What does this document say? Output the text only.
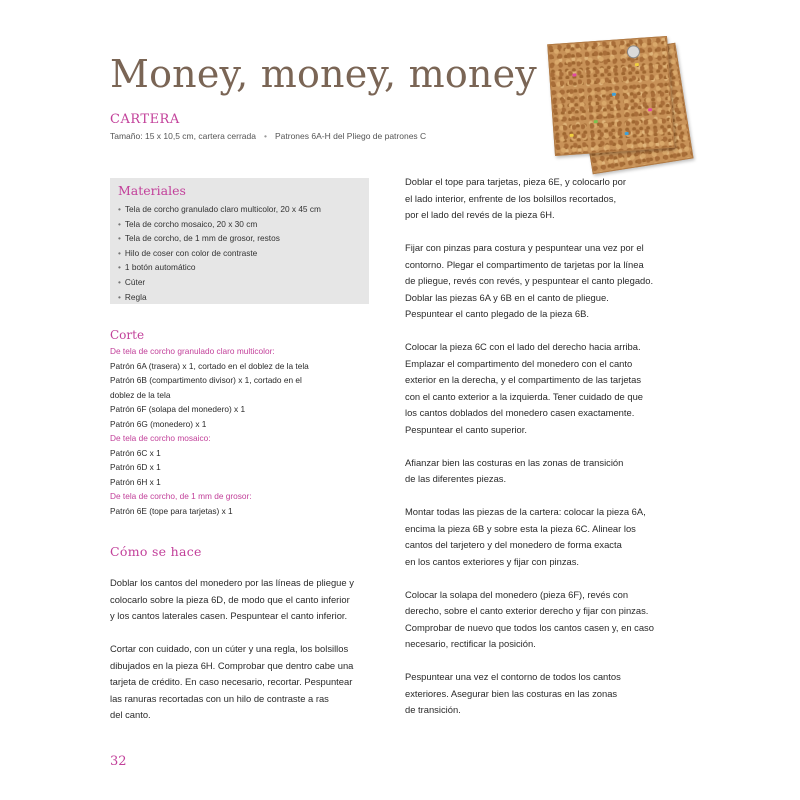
Money, money, money
CARTERA
Tamaño: 15 x 10,5 cm, cartera cerrada • Patrones 6A-H del Pliego de patrones C
Materiales
• Tela de corcho granulado claro multicolor, 20 x 45 cm
• Tela de corcho mosaico, 20 x 30 cm
• Tela de corcho, de 1 mm de grosor, restos
• Hilo de coser con color de contraste
• 1 botón automático
• Cúter
• Regla
Corte
De tela de corcho granulado claro multicolor:
Patrón 6A (trasera) x 1, cortado en el doblez de la tela
Patrón 6B (compartimento divisor) x 1, cortado en el
doblez de la tela
Patrón 6F (solapa del monedero) x 1
Patrón 6G (monedero) x 1
De tela de corcho mosaico:
Patrón 6C x 1
Patrón 6D x 1
Patrón 6H x 1
De tela de corcho, de 1 mm de grosor:
Patrón 6E (tope para tarjetas) x 1
Cómo se hace
Doblar los cantos del monedero por las líneas de pliegue y
colocarlo sobre la pieza 6D, de modo que el canto inferior
y los cantos laterales casen. Pespuntear el canto inferior.
Cortar con cuidado, con un cúter y una regla, los bolsillos
dibujados en la pieza 6H. Comprobar que dentro cabe una
tarjeta de crédito. En caso necesario, recortar. Pespuntear
las ranuras recortadas con un hilo de contraste a ras
del canto.
Doblar el tope para tarjetas, pieza 6E, y colocarlo por
el lado interior, enfrente de los bolsillos recortados,
por el lado del revés de la pieza 6H.
Fijar con pinzas para costura y pespuntear una vez por el
contorno. Plegar el compartimento de tarjetas por la línea
de pliegue, revés con revés, y pespuntear el canto plegado.
Doblar las piezas 6A y 6B en el canto de pliegue.
Pespuntear el canto plegado de la pieza 6B.
Colocar la pieza 6C con el lado del derecho hacia arriba.
Emplazar el compartimento del monedero con el canto
exterior en la derecha, y el compartimento de las tarjetas
con el canto exterior a la izquierda. Tener cuidado de que
los cantos doblados del monedero casen exactamente.
Pespuntear el canto superior.
Afianzar bien las costuras en las zonas de transición
de las diferentes piezas.
Montar todas las piezas de la cartera: colocar la pieza 6A,
encima la pieza 6B y sobre esta la pieza 6C. Alinear los
cantos del tarjetero y del monedero de forma exacta
en los cantos exteriores y fijar con pinzas.
Colocar la solapa del monedero (pieza 6F), revés con
derecho, sobre el canto exterior derecho y fijar con pinzas.
Comprobar de nuevo que todos los cantos casen y, en caso
necesario, rectificar la posición.
Pespuntear una vez el contorno de todos los cantos
exteriores. Asegurar bien las costuras en las zonas
de transición.
32
